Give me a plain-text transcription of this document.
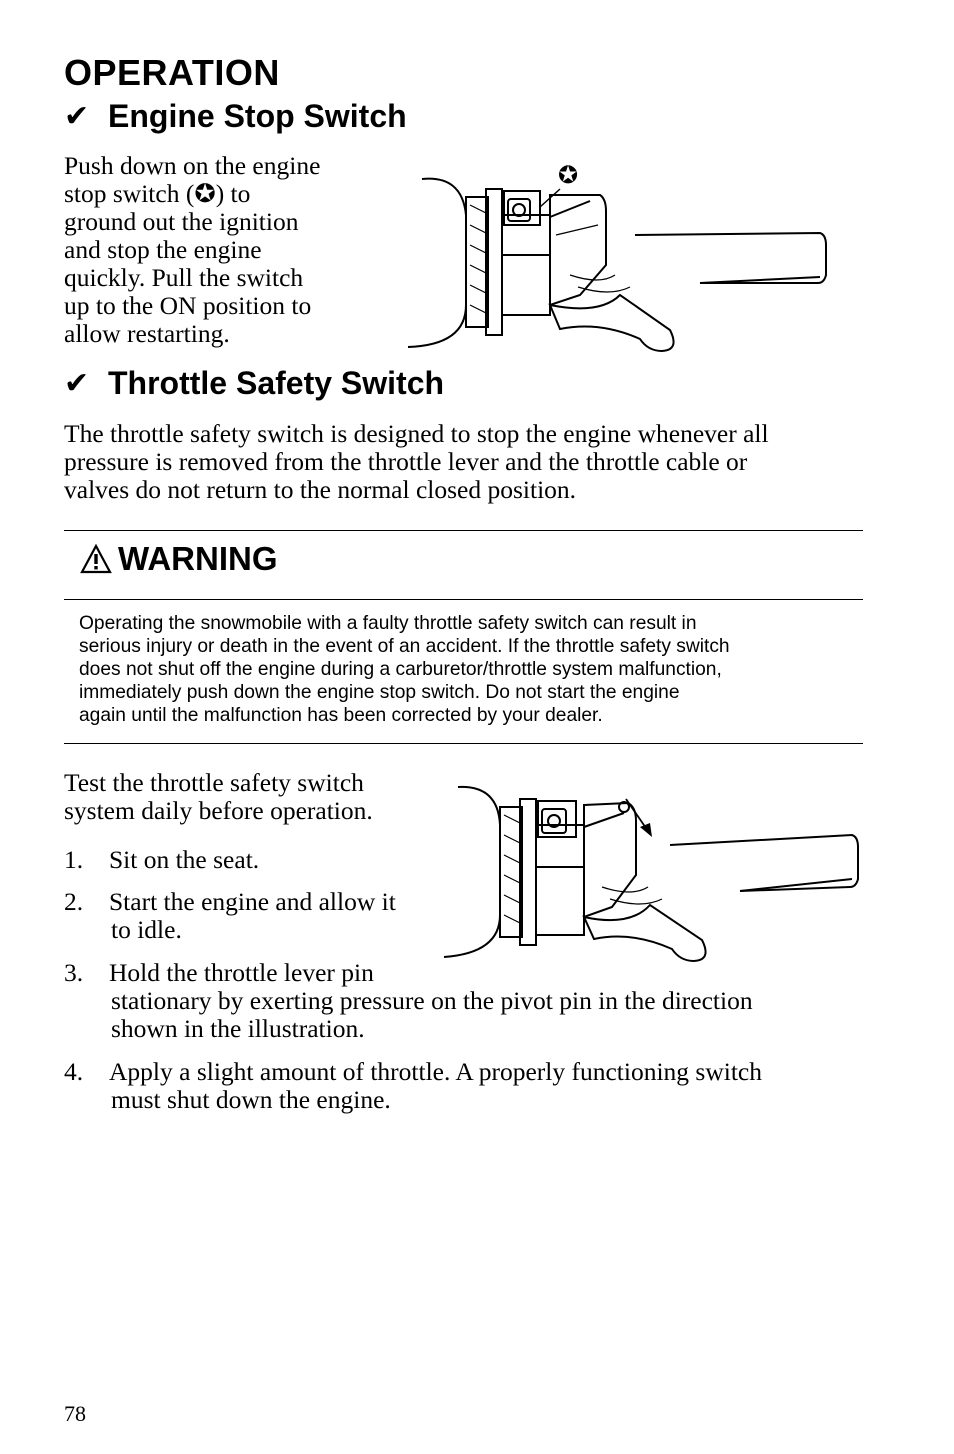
OPERATION
✔ Engine Stop Switch
Push down on the engine
stop switch (✪) to
ground out the ignition
and stop the engine
quickly. Pull the switch
up to the ON position to
allow restarting.
✪
✔ Throttle Safety Switch
The throttle safety switch is designed to stop the engine whenever all
pressure is removed from the throttle lever and the throttle cable or
valves do not return to the normal closed position.
WARNING
Operating the snowmobile with a faulty throttle safety switch can result in
serious injury or death in the event of an accident. If the throttle safety switch
does not shut off the engine during a carburetor/throttle system malfunction,
immediately push down the engine stop switch. Do not start the engine
again until the malfunction has been corrected by your dealer.
Test the throttle safety switch
system daily before operation.
1. Sit on the seat.
2. Start the engine and allow it
to idle.
3. Hold the throttle lever pin
stationary by exerting pressure on the pivot pin in the direction
shown in the illustration.
4. Apply a slight amount of throttle. A properly functioning switch
must shut down the engine.
78
